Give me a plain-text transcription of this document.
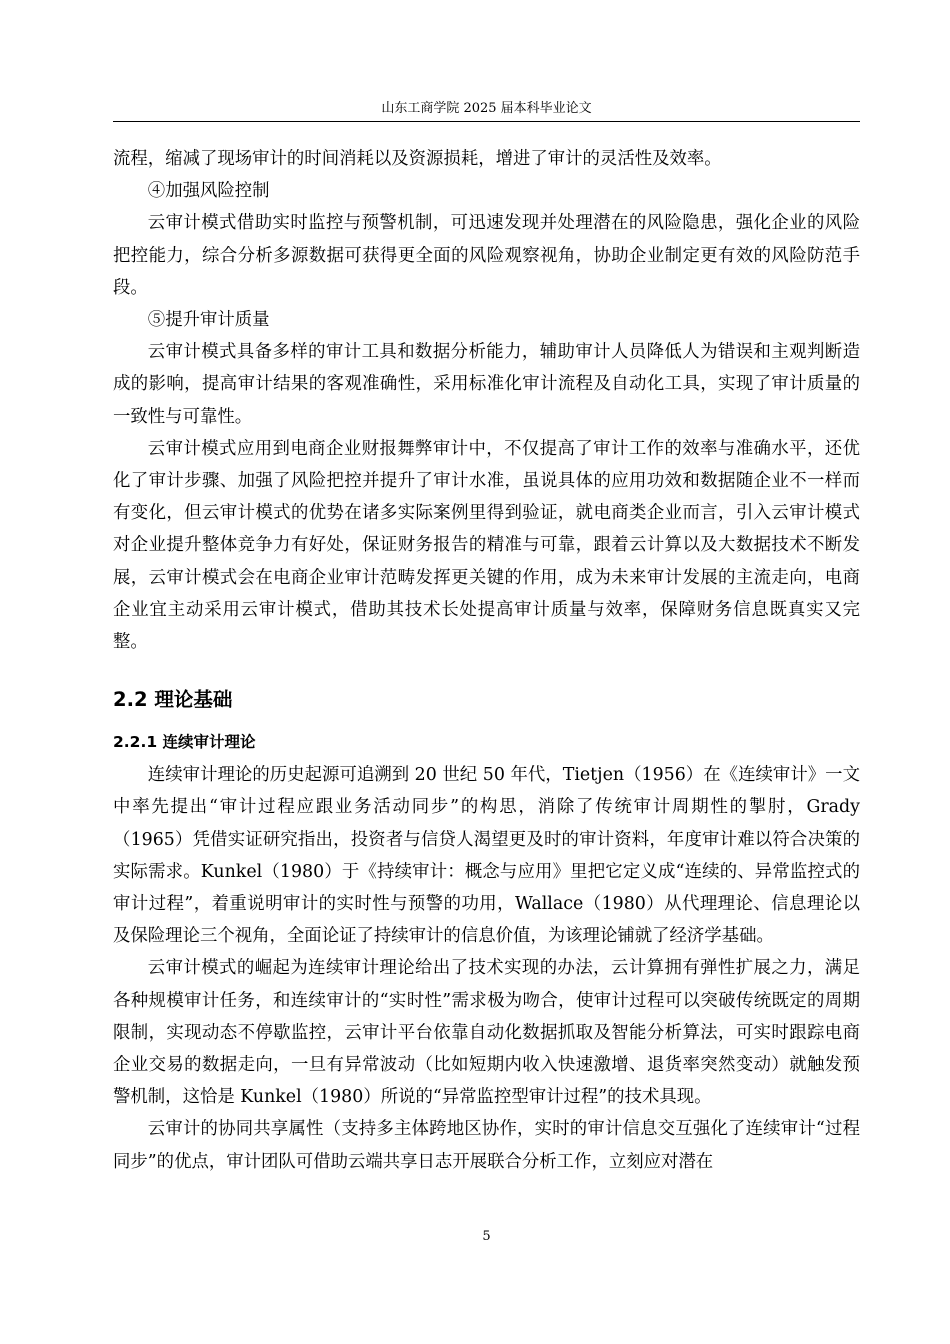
山东工商学院 2025 届本科毕业论文

流程，缩减了现场审计的时间消耗以及资源损耗，增进了审计的灵活性及效率。

④加强风险控制

云审计模式借助实时监控与预警机制，可迅速发现并处理潜在的风险隐患，强化企业的风险把控能力，综合分析多源数据可获得更全面的风险观察视角，协助企业制定更有效的风险防范手段。

⑤提升审计质量

云审计模式具备多样的审计工具和数据分析能力，辅助审计人员降低人为错误和主观判断造成的影响，提高审计结果的客观准确性，采用标准化审计流程及自动化工具，实现了审计质量的一致性与可靠性。

云审计模式应用到电商企业财报舞弊审计中，不仅提高了审计工作的效率与准确水平，还优化了审计步骤、加强了风险把控并提升了审计水准，虽说具体的应用功效和数据随企业不一样而有变化，但云审计模式的优势在诸多实际案例里得到验证，就电商类企业而言，引入云审计模式对企业提升整体竞争力有好处，保证财务报告的精准与可靠，跟着云计算以及大数据技术不断发展，云审计模式会在电商企业审计范畴发挥更关键的作用，成为未来审计发展的主流走向，电商企业宜主动采用云审计模式，借助其技术长处提高审计质量与效率，保障财务信息既真实又完整。

2.2 理论基础
2.2.1 连续审计理论

连续审计理论的历史起源可追溯到 20 世纪 50 年代，Tietjen（1956）在《连续审计》一文中率先提出“审计过程应跟业务活动同步”的构思，消除了传统审计周期性的掣肘，Grady（1965）凭借实证研究指出，投资者与信贷人渴望更及时的审计资料，年度审计难以符合决策的实际需求。Kunkel（1980）于《持续审计：概念与应用》里把它定义成“连续的、异常监控式的审计过程”，着重说明审计的实时性与预警的功用，Wallace（1980）从代理理论、信息理论以及保险理论三个视角，全面论证了持续审计的信息价值，为该理论铺就了经济学基础。

云审计模式的崛起为连续审计理论给出了技术实现的办法，云计算拥有弹性扩展之力，满足各种规模审计任务，和连续审计的“实时性”需求极为吻合，使审计过程可以突破传统既定的周期限制，实现动态不停歇监控，云审计平台依靠自动化数据抓取及智能分析算法，可实时跟踪电商企业交易的数据走向，一旦有异常波动（比如短期内收入快速激增、退货率突然变动）就触发预警机制，这恰是 Kunkel（1980）所说的“异常监控型审计过程”的技术具现。

云审计的协同共享属性（支持多主体跨地区协作，实时的审计信息交互强化了连续审计“过程同步”的优点，审计团队可借助云端共享日志开展联合分析工作，立刻应对潜在

5
